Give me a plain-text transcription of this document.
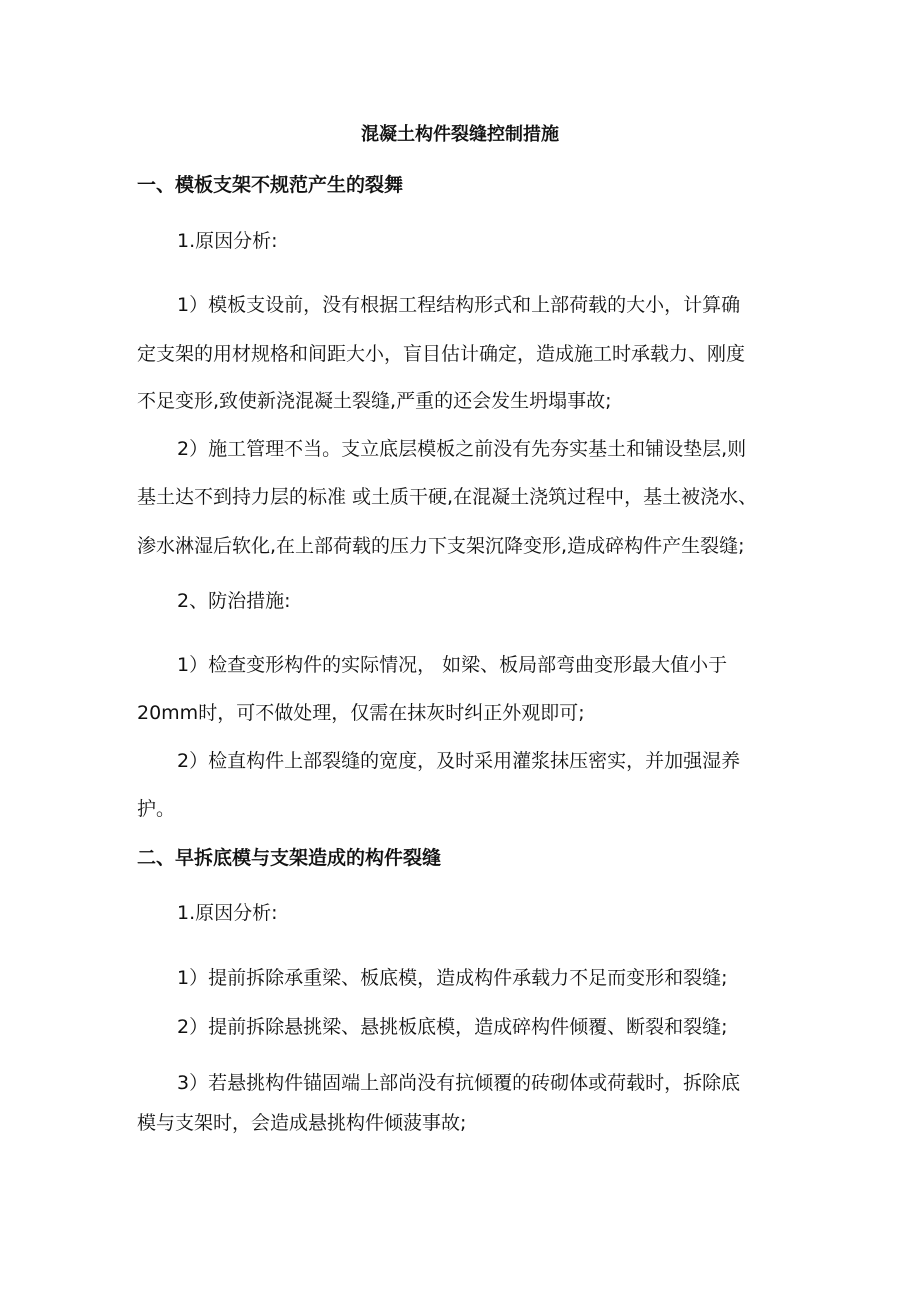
混凝土构件裂缝控制措施
一、模板支架不规范产生的裂舞
1.原因分析:
1）模板支设前，没有根据工程结构形式和上部荷载的大小，计算确
定支架的用材规格和间距大小，盲目估计确定，造成施工时承载力、刚度
不足变形,致使新浇混凝土裂缝,严重的还会发生坍塌事故;
2）施工管理不当。支立底层模板之前没有先夯实基土和铺设垫层,则
基土达不到持力层的标准 或土质干硬,在混凝土浇筑过程中，基土被浇水、
渗水淋湿后软化,在上部荷载的压力下支架沉降变形,造成碎构件产生裂缝;
2、防治措施:
1）检查变形构件的实际情况， 如梁、板局部弯曲变形最大值小于
20mm时，可不做处理，仅需在抹灰时纠正外观即可;
2）检直构件上部裂缝的宽度，及时采用灌浆抹压密实，并加强湿养
护。
二、早拆底模与支架造成的构件裂缝
1.原因分析:
1）提前拆除承重梁、板底模，造成构件承载力不足而变形和裂缝;
2）提前拆除悬挑梁、悬挑板底模，造成碎构件倾覆、断裂和裂缝;
3）若悬挑构件锚固端上部尚没有抗倾覆的砖砌体或荷载时，拆除底
模与支架时，会造成悬挑构件倾菠事故;
